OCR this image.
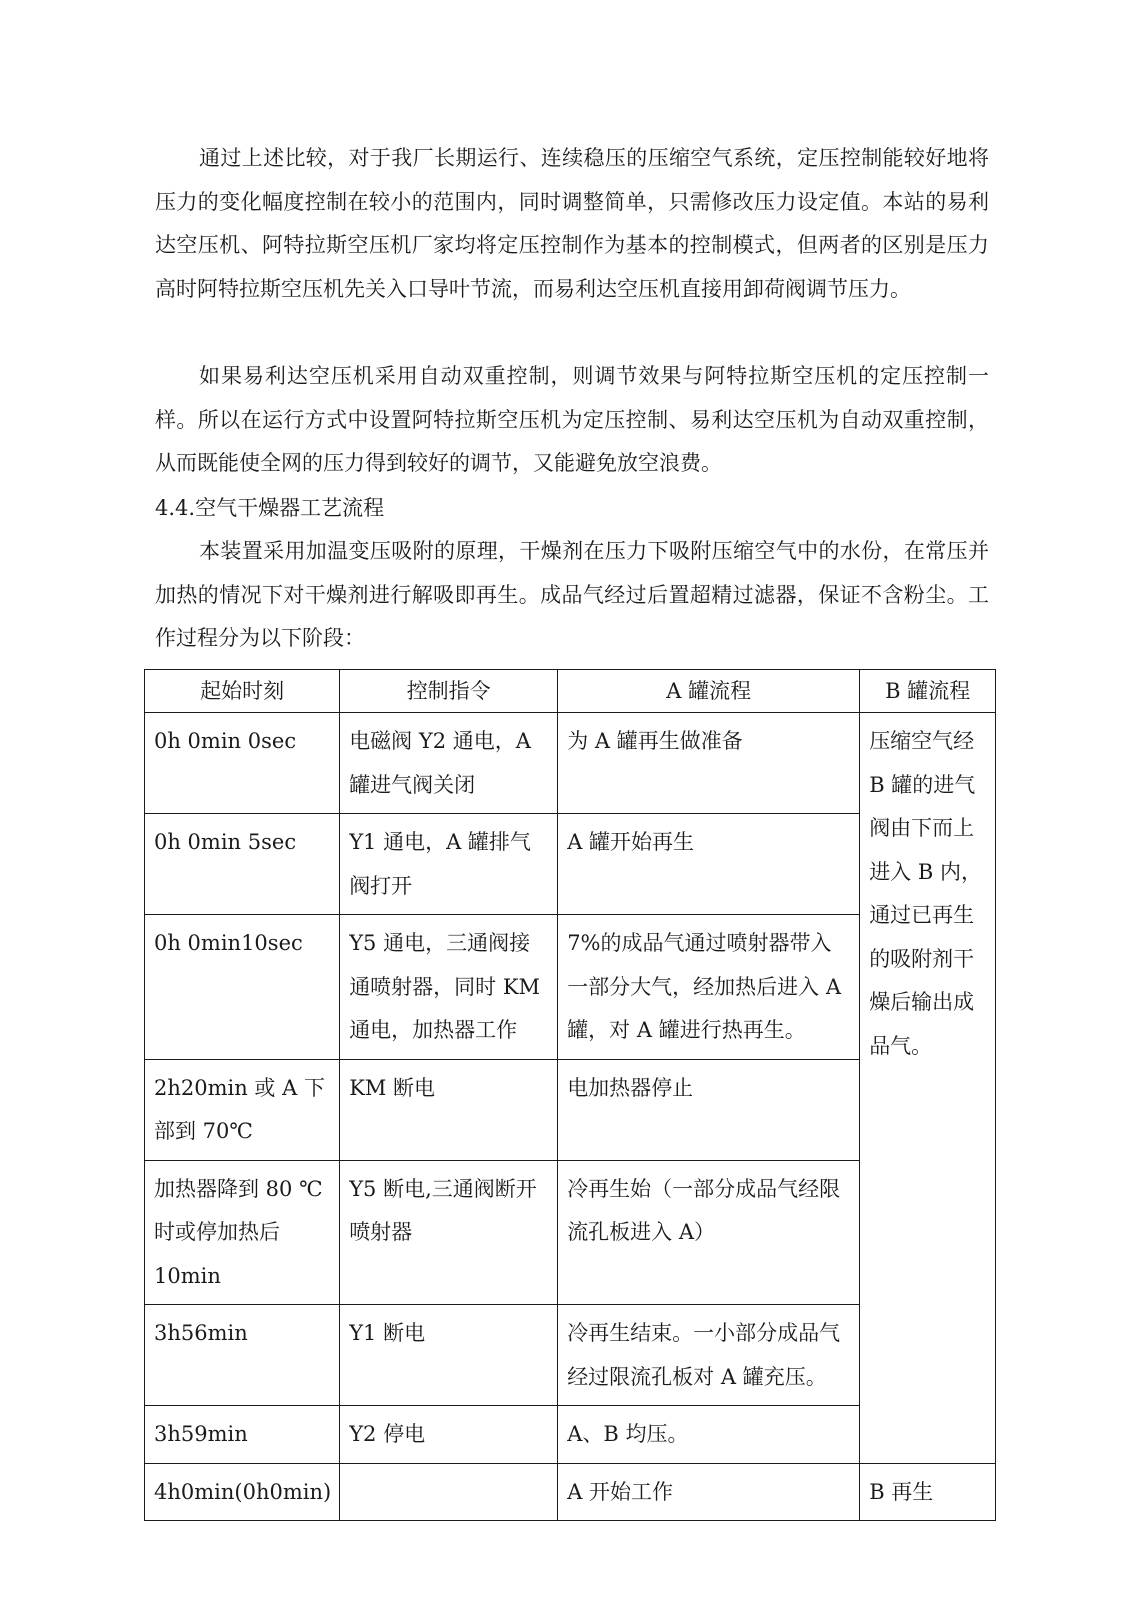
通过上述比较，对于我厂长期运行、连续稳压的压缩空气系统，定压控制能较好地将压力的变化幅度控制在较小的范围内，同时调整简单，只需修改压力设定值。本站的易利达空压机、阿特拉斯空压机厂家均将定压控制作为基本的控制模式，但两者的区别是压力高时阿特拉斯空压机先关入口导叶节流，而易利达空压机直接用卸荷阀调节压力。

如果易利达空压机采用自动双重控制，则调节效果与阿特拉斯空压机的定压控制一样。所以在运行方式中设置阿特拉斯空压机为定压控制、易利达空压机为自动双重控制，从而既能使全网的压力得到较好的调节，又能避免放空浪费。

4.4.空气干燥器工艺流程

本装置采用加温变压吸附的原理，干燥剂在压力下吸附压缩空气中的水份，在常压并加热的情况下对干燥剂进行解吸即再生。成品气经过后置超精过滤器，保证不含粉尘。工作过程分为以下阶段：

起始时刻	控制指令	A 罐流程	B 罐流程
0h 0min 0sec	电磁阀 Y2 通电，A 罐进气阀关闭	为 A 罐再生做准备	压缩空气经 B 罐的进气阀由下而上进入 B 内，通过已再生的吸附剂干燥后输出成品气。
0h 0min 5sec	Y1 通电，A 罐排气阀打开	A 罐开始再生	
0h 0min10sec	Y5 通电，三通阀接通喷射器，同时 KM 通电，加热器工作	7%的成品气通过喷射器带入一部分大气，经加热后进入 A 罐，对 A 罐进行热再生。	
2h20min 或 A 下部到 70℃	KM 断电	电加热器停止	
加热器降到 80 ℃时或停加热后 10min	Y5 断电,三通阀断开喷射器	冷再生始（一部分成品气经限流孔板进入 A）	
3h56min	Y1 断电	冷再生结束。一小部分成品气经过限流孔板对 A 罐充压。	
3h59min	Y2 停电	A、B 均压。	
4h0min(0h0min)		A 开始工作	B 再生
